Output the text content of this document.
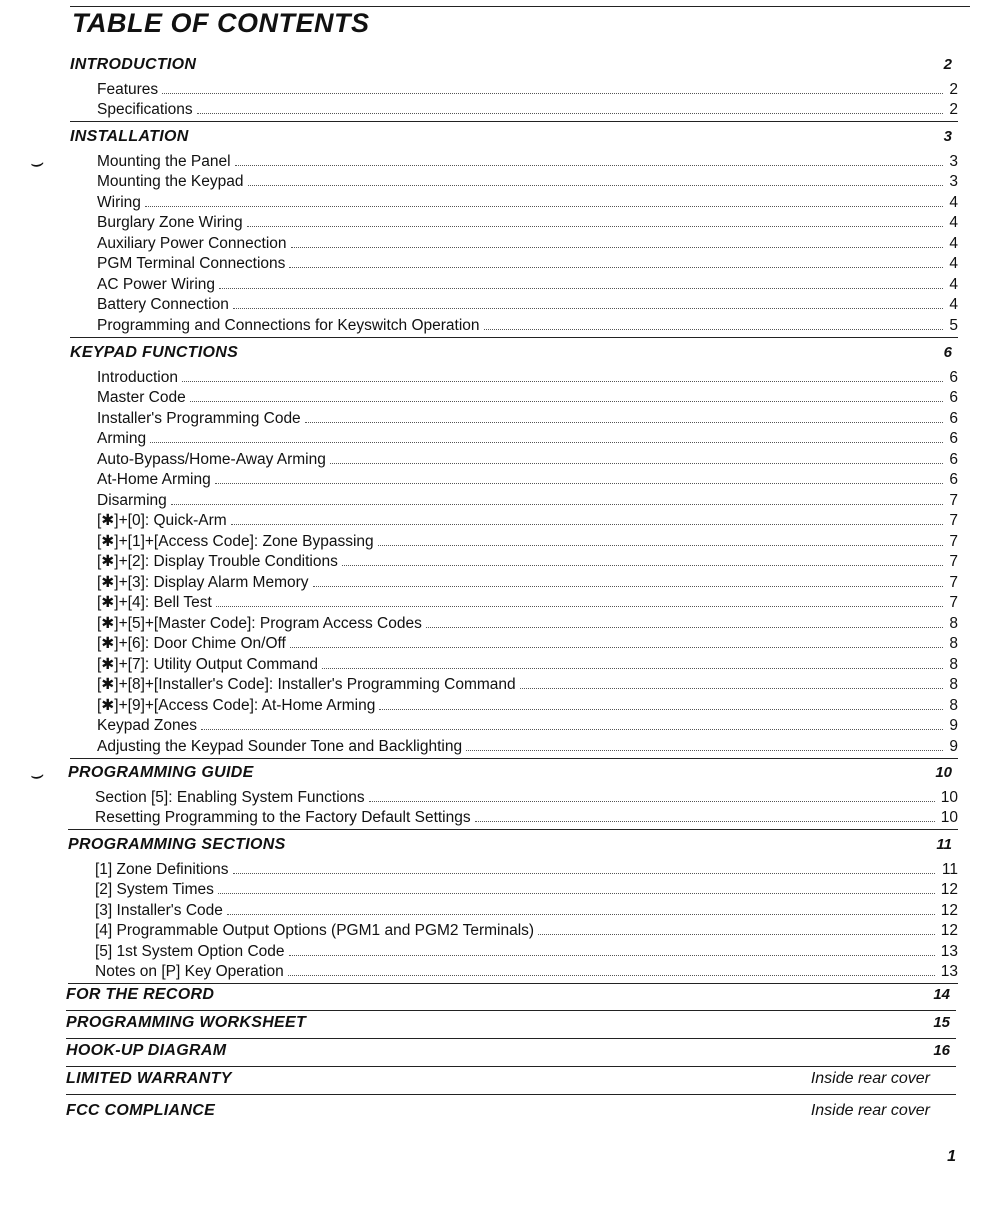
TABLE OF CONTENTS
INTRODUCTION	2
Features	2
Specifications	2
INSTALLATION	3
Mounting the Panel	3
Mounting the Keypad	3
Wiring	4
Burglary Zone Wiring	4
Auxiliary Power Connection	4
PGM Terminal Connections	4
AC Power Wiring	4
Battery Connection	4
Programming and Connections for Keyswitch Operation	5
KEYPAD FUNCTIONS	6
Introduction	6
Master Code	6
Installer's Programming Code	6
Arming	6
Auto-Bypass/Home-Away Arming	6
At-Home Arming	6
Disarming	7
[✱]+[0]: Quick-Arm	7
[✱]+[1]+[Access Code]: Zone Bypassing	7
[✱]+[2]: Display Trouble Conditions	7
[✱]+[3]: Display Alarm Memory	7
[✱]+[4]: Bell Test	7
[✱]+[5]+[Master Code]: Program Access Codes	8
[✱]+[6]: Door Chime On/Off	8
[✱]+[7]: Utility Output Command	8
[✱]+[8]+[Installer's Code]: Installer's Programming Command	8
[✱]+[9]+[Access Code]: At-Home Arming	8
Keypad Zones	9
Adjusting the Keypad Sounder Tone and Backlighting	9
PROGRAMMING GUIDE	10
Section [5]: Enabling System Functions	10
Resetting Programming to the Factory Default Settings	10
PROGRAMMING SECTIONS	11
[1] Zone Definitions	11
[2] System Times	12
[3] Installer's Code	12
[4] Programmable Output Options (PGM1 and PGM2 Terminals)	12
[5] 1st System Option Code	13
Notes on [P] Key Operation	13
FOR THE RECORD	14
PROGRAMMING WORKSHEET	15
HOOK-UP DIAGRAM	16
LIMITED WARRANTY	Inside rear cover
FCC COMPLIANCE	Inside rear cover
⌣
⌣
1
